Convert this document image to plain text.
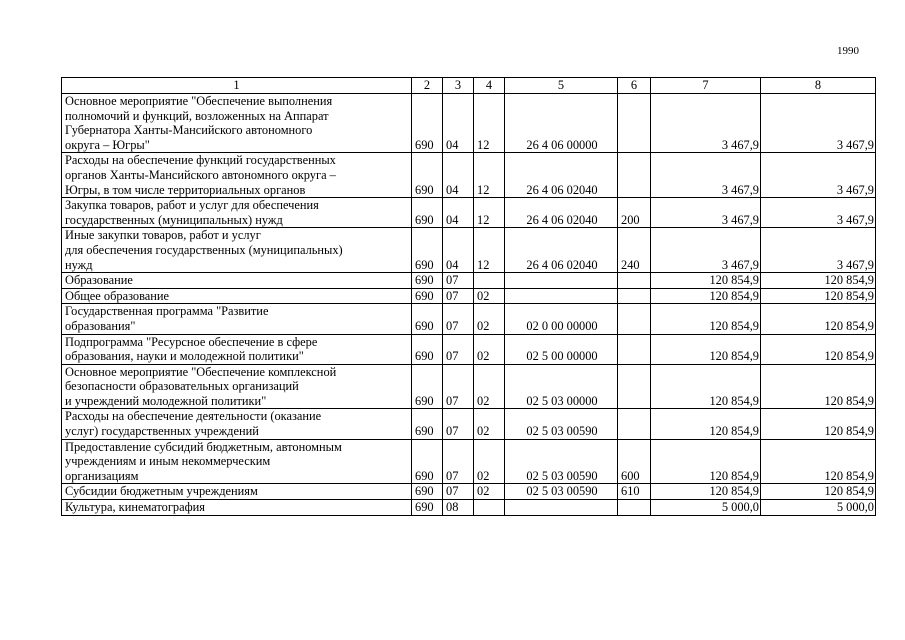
1990
1	2	3	4	5	6	7	8
Основное мероприятие "Обеспечение выполнения
полномочий и функций, возложенных на Аппарат
Губернатора Ханты-Мансийского автономного
округа – Югры"	690	04	12	26 4 06 00000		3 467,9	3 467,9
Расходы на обеспечение функций государственных
органов Ханты-Мансийского автономного округа –
Югры, в том числе территориальных органов	690	04	12	26 4 06 02040		3 467,9	3 467,9
Закупка товаров, работ и услуг для обеспечения
государственных (муниципальных) нужд	690	04	12	26 4 06 02040	200	3 467,9	3 467,9
Иные закупки товаров, работ и услуг
для обеспечения государственных (муниципальных)
нужд	690	04	12	26 4 06 02040	240	3 467,9	3 467,9
Образование	690	07				120 854,9	120 854,9
Общее образование	690	07	02			120 854,9	120 854,9
Государственная программа "Развитие
образования"	690	07	02	02 0 00 00000		120 854,9	120 854,9
Подпрограмма "Ресурсное обеспечение в сфере
образования, науки и молодежной политики"	690	07	02	02 5 00 00000		120 854,9	120 854,9
Основное мероприятие "Обеспечение комплексной
безопасности образовательных организаций
и учреждений молодежной политики"	690	07	02	02 5 03 00000		120 854,9	120 854,9
Расходы на обеспечение деятельности (оказание
услуг) государственных учреждений	690	07	02	02 5 03 00590		120 854,9	120 854,9
Предоставление субсидий бюджетным, автономным
учреждениям и иным некоммерческим
организациям	690	07	02	02 5 03 00590	600	120 854,9	120 854,9
Субсидии бюджетным учреждениям	690	07	02	02 5 03 00590	610	120 854,9	120 854,9
Культура, кинематография	690	08				5 000,0	5 000,0
